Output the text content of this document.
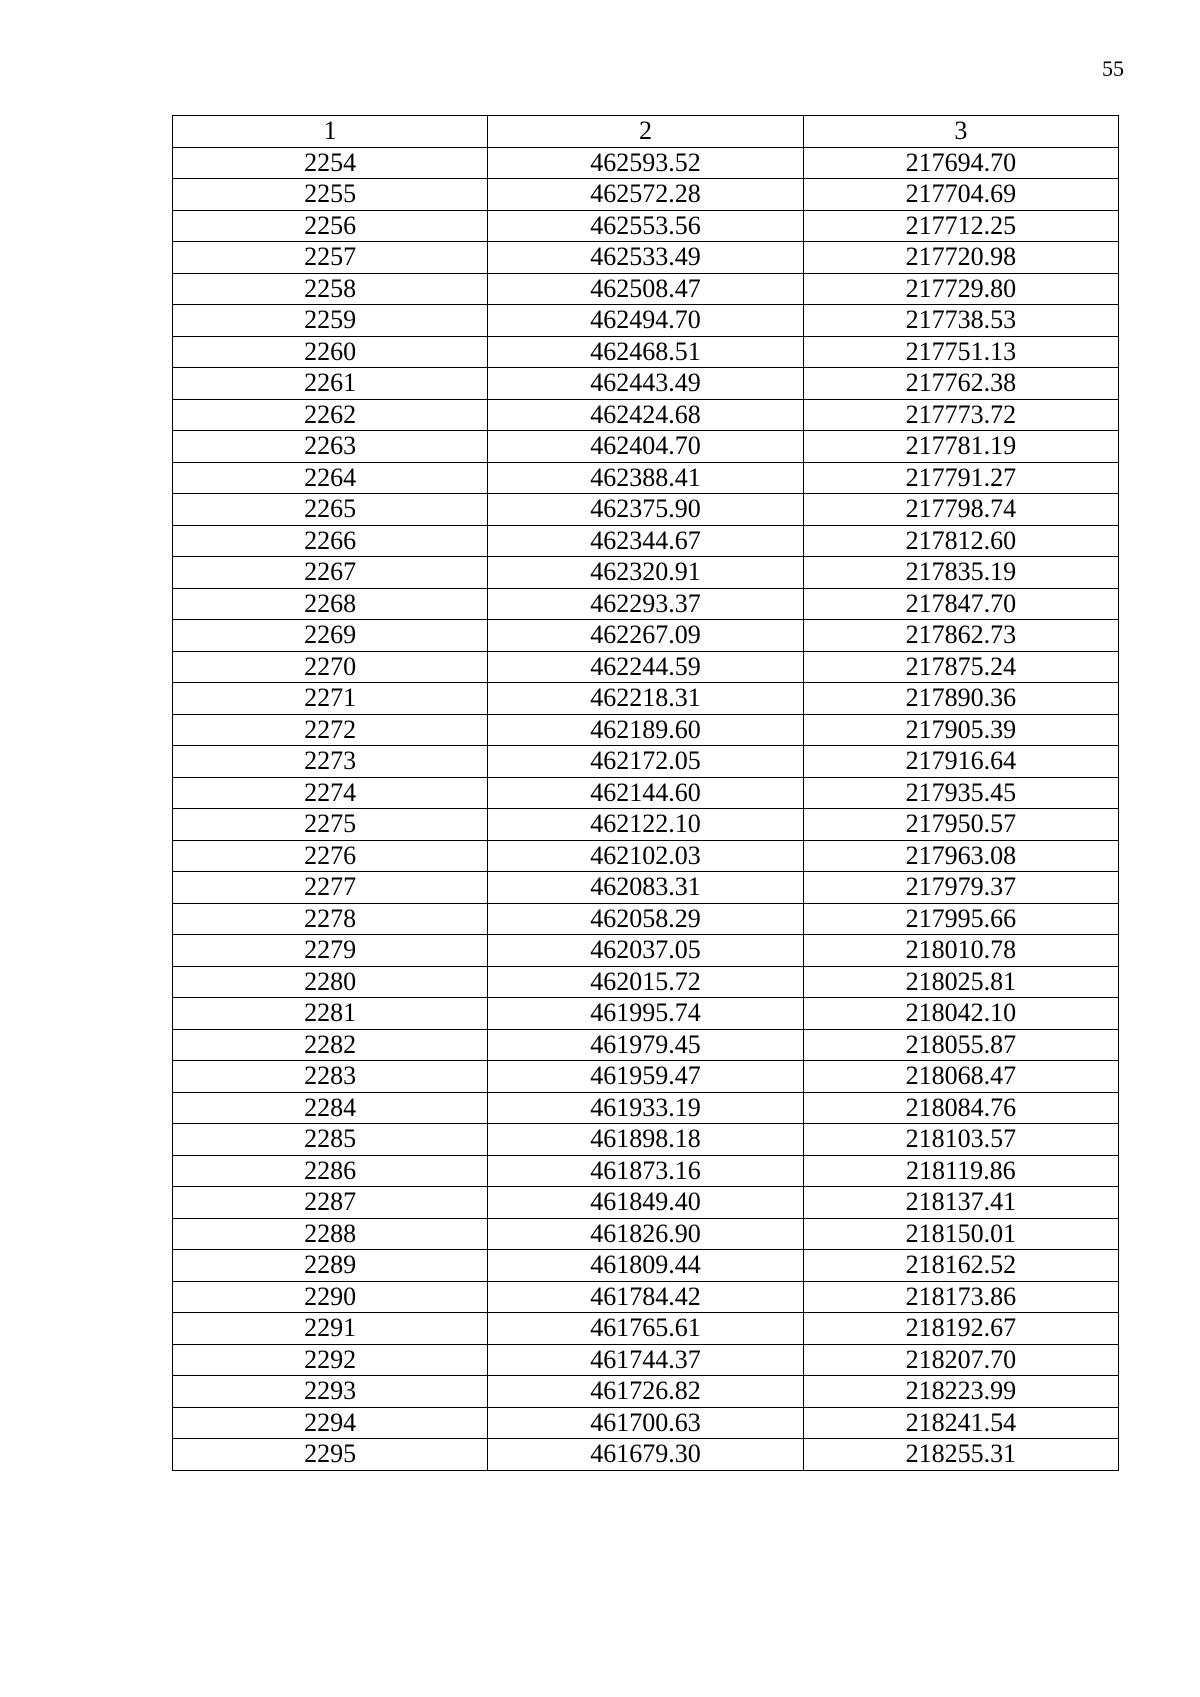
55
1	2	3
2254	462593.52	217694.70
2255	462572.28	217704.69
2256	462553.56	217712.25
2257	462533.49	217720.98
2258	462508.47	217729.80
2259	462494.70	217738.53
2260	462468.51	217751.13
2261	462443.49	217762.38
2262	462424.68	217773.72
2263	462404.70	217781.19
2264	462388.41	217791.27
2265	462375.90	217798.74
2266	462344.67	217812.60
2267	462320.91	217835.19
2268	462293.37	217847.70
2269	462267.09	217862.73
2270	462244.59	217875.24
2271	462218.31	217890.36
2272	462189.60	217905.39
2273	462172.05	217916.64
2274	462144.60	217935.45
2275	462122.10	217950.57
2276	462102.03	217963.08
2277	462083.31	217979.37
2278	462058.29	217995.66
2279	462037.05	218010.78
2280	462015.72	218025.81
2281	461995.74	218042.10
2282	461979.45	218055.87
2283	461959.47	218068.47
2284	461933.19	218084.76
2285	461898.18	218103.57
2286	461873.16	218119.86
2287	461849.40	218137.41
2288	461826.90	218150.01
2289	461809.44	218162.52
2290	461784.42	218173.86
2291	461765.61	218192.67
2292	461744.37	218207.70
2293	461726.82	218223.99
2294	461700.63	218241.54
2295	461679.30	218255.31
